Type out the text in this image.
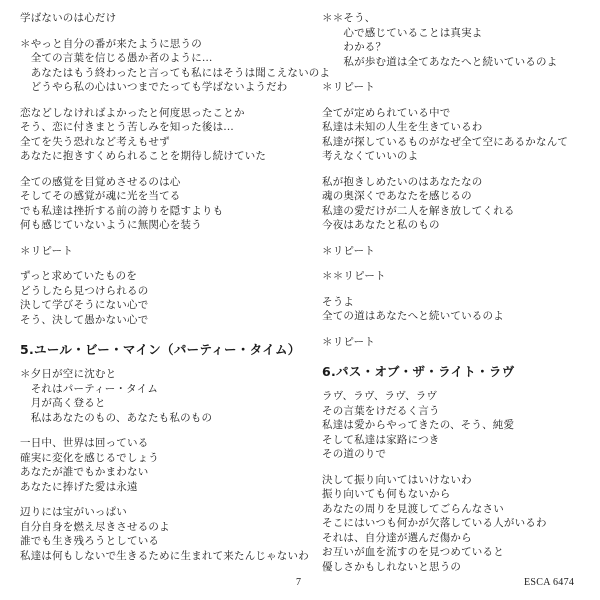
学ばないのは心だけ
＊やっと自分の番が来たように思うの
　全ての言葉を信じる愚か者のように…
　あなたはもう終わったと言っても私にはそうは聞こえないのよ
　どうやら私の心はいつまでたっても学ばないようだわ
恋などしなければよかったと何度思ったことか
そう、恋に付きまとう苦しみを知った後は…
全てを失う恐れなど考えもせず
あなたに抱きすくめられることを期待し続けていた
全ての感覚を目覚めさせるのは心
そしてその感覚が魂に光を当てる
でも私達は挫折する前の誇りを隠すよりも
何も感じていないように無関心を装う
＊リピート
ずっと求めていたものを
どうしたら見つけられるの
決して学びそうにない心で
そう、決して愚かない心で
5.ユール・ビー・マイン（パーティー・タイム）
＊夕日が空に沈むと
　それはパーティー・タイム
　月が高く登ると
　私はあなたのもの、あなたも私のもの
一日中、世界は回っている
確実に変化を感じるでしょう
あなたが誰でもかまわない
あなたに捧げた愛は永遠
辺りには宝がいっぱい
自分自身を燃え尽きさせるのよ
誰でも生き残ろうとしている
私達は何もしないで生きるために生まれて来たんじゃないわ
＊＊そう、
　　心で感じていることは真実よ
　　わかる？
　　私が歩む道は全てあなたへと続いているのよ
＊リピート
全てが定められている中で
私達は未知の人生を生きているわ
私達が探しているものがなぜ全て空にあるかなんて
考えなくていいのよ
私が抱きしめたいのはあなたなの
魂の奥深くであなたを感じるの
私達の愛だけが二人を解き放してくれる
今夜はあなたと私のもの
＊リピート
＊＊リピート
そうよ
全ての道はあなたへと続いているのよ
＊リピート
6.パス・オブ・ザ・ライト・ラヴ
ラヴ、ラヴ、ラヴ、ラヴ
その言葉をけだるく言う
私達は愛からやってきたの、そう、純愛
そして私達は家路につき
その道のりで
決して振り向いてはいけないわ
振り向いても何もないから
あなたの周りを見渡してごらんなさい
そこにはいつも何かが欠落している人がいるわ
それは、自分達が選んだ傷から
お互いが血を流すのを見つめていると
優しさかもしれないと思うの
7	ESCA 6474
